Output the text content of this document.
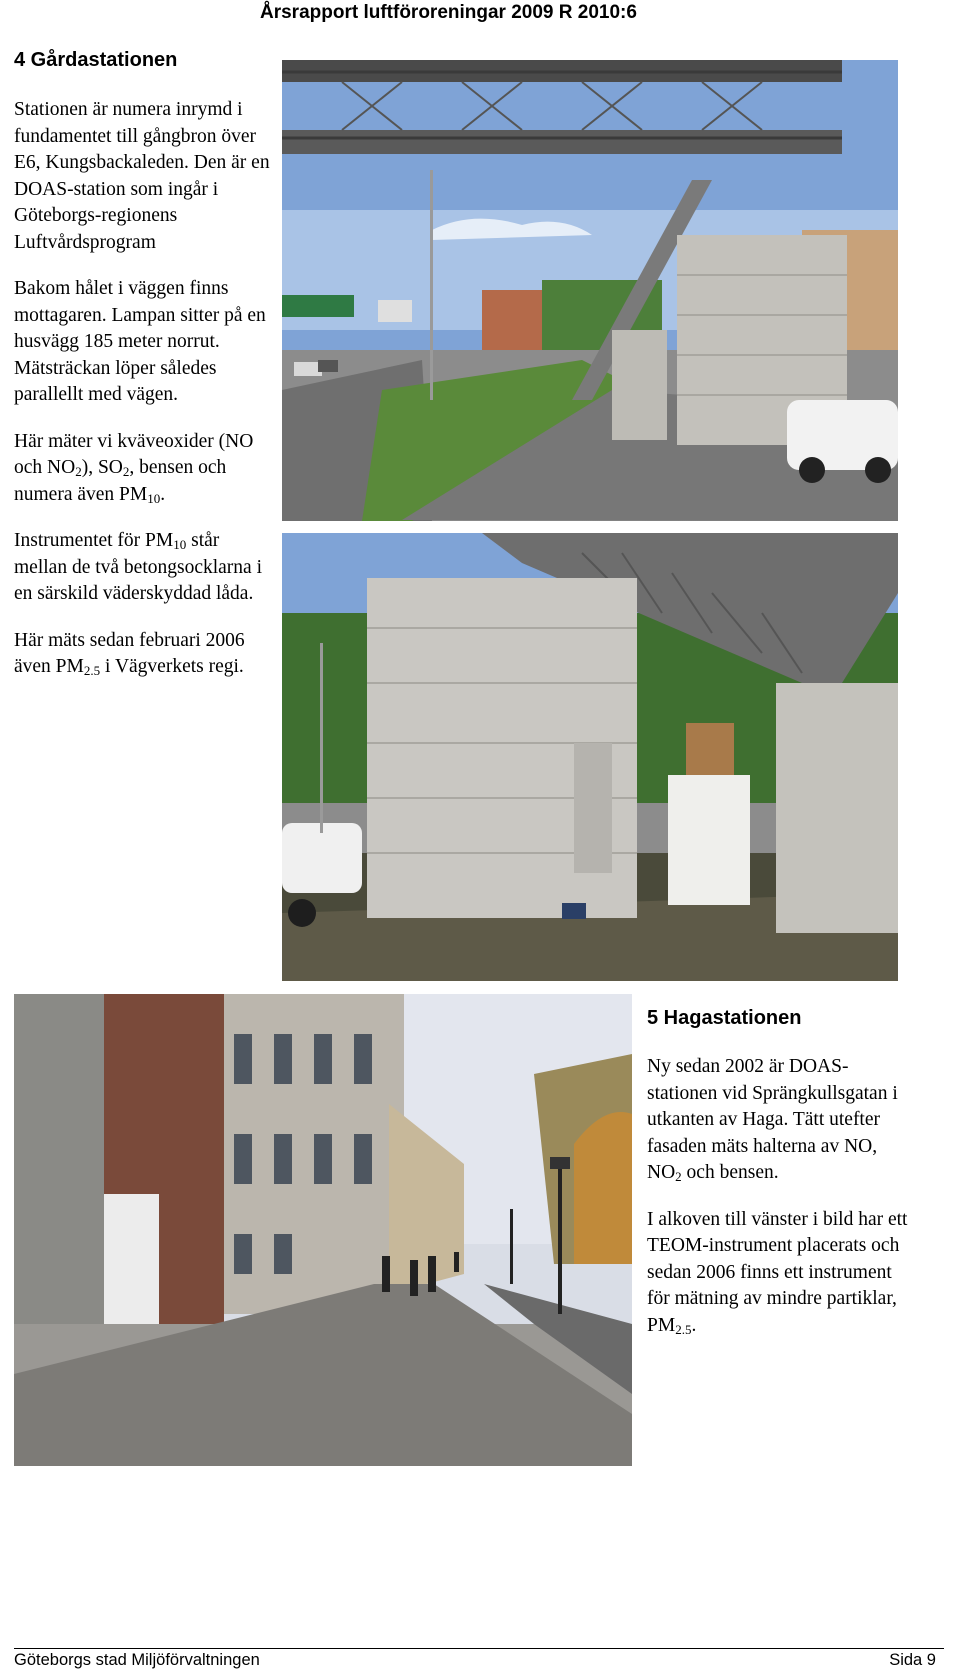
Årsrapport luftföroreningar 2009 R 2010:6
4 Gårdastationen

Stationen är numera inrymd i fundamentet till gångbron över E6, Kungsbackaleden. Den är en DOAS-station som ingår i Göteborgs-regionens Luftvårdsprogram

Bakom hålet i väggen finns mottagaren. Lampan sitter på en husvägg 185 meter norrut. Mätsträckan löper således parallellt med vägen.

Här mäter vi kväveoxider (NO och $NO_2$), $SO_2$, bensen och numera även $PM_{10}$.

Instrumentet för $PM_{10}$ står mellan de två betongsocklarna i en särskild väderskyddad låda.

Här mäts sedan februari 2006 även $PM_{2.5}$ i Vägverkets regi.

5 Hagastationen

Ny sedan 2002 är DOAS-stationen vid Sprängkullsgatan i utkanten av Haga. Tätt utefter fasaden mäts halterna av NO, $NO_2$ och bensen.

I alkoven till vänster i bild har ett TEOM-instrument placerats och sedan 2006 finns ett instrument för mätning av mindre partiklar, $PM_{2.5}$.

Göteborgs stad Miljöförvaltningen	Sida 9
